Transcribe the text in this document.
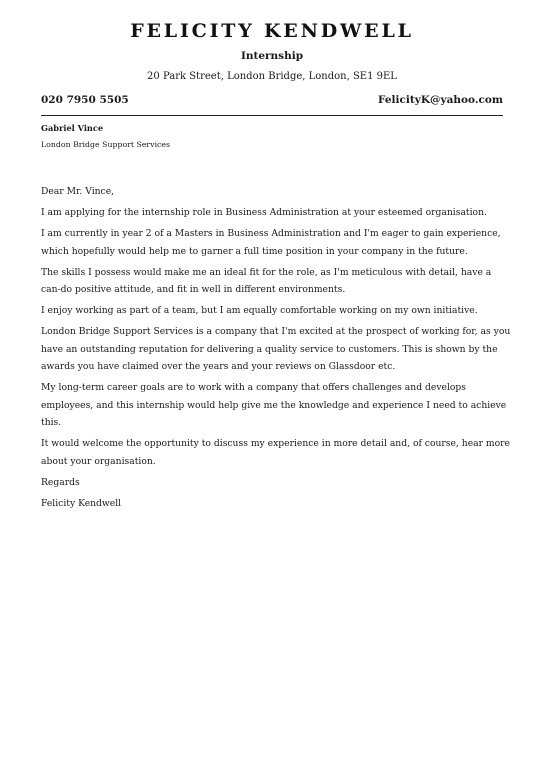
FELICITY KENDWELL
Internship
20 Park Street, London Bridge, London, SE1 9EL
020 7950 5505	FelicityK@yahoo.com
Gabriel Vince
London Bridge Support Services

Dear Mr. Vince,

I am applying for the internship role in Business Administration at your esteemed organisation.

I am currently in year 2 of a Masters in Business Administration and I'm eager to gain experience, which hopefully would help me to garner a full time position in your company in the future.

The skills I possess would make me an ideal fit for the role, as I'm meticulous with detail, have a can-do positive attitude, and fit in well in different environments.

I enjoy working as part of a team, but I am equally comfortable working on my own initiative.

London Bridge Support Services is a company that I'm excited at the prospect of working for, as you have an outstanding reputation for delivering a quality service to customers. This is shown by the awards you have claimed over the years and your reviews on Glassdoor etc.

My long-term career goals are to work with a company that offers challenges and develops employees, and this internship would help give me the knowledge and experience I need to achieve this.

It would welcome the opportunity to discuss my experience in more detail and, of course, hear more about your organisation.

Regards

Felicity Kendwell
